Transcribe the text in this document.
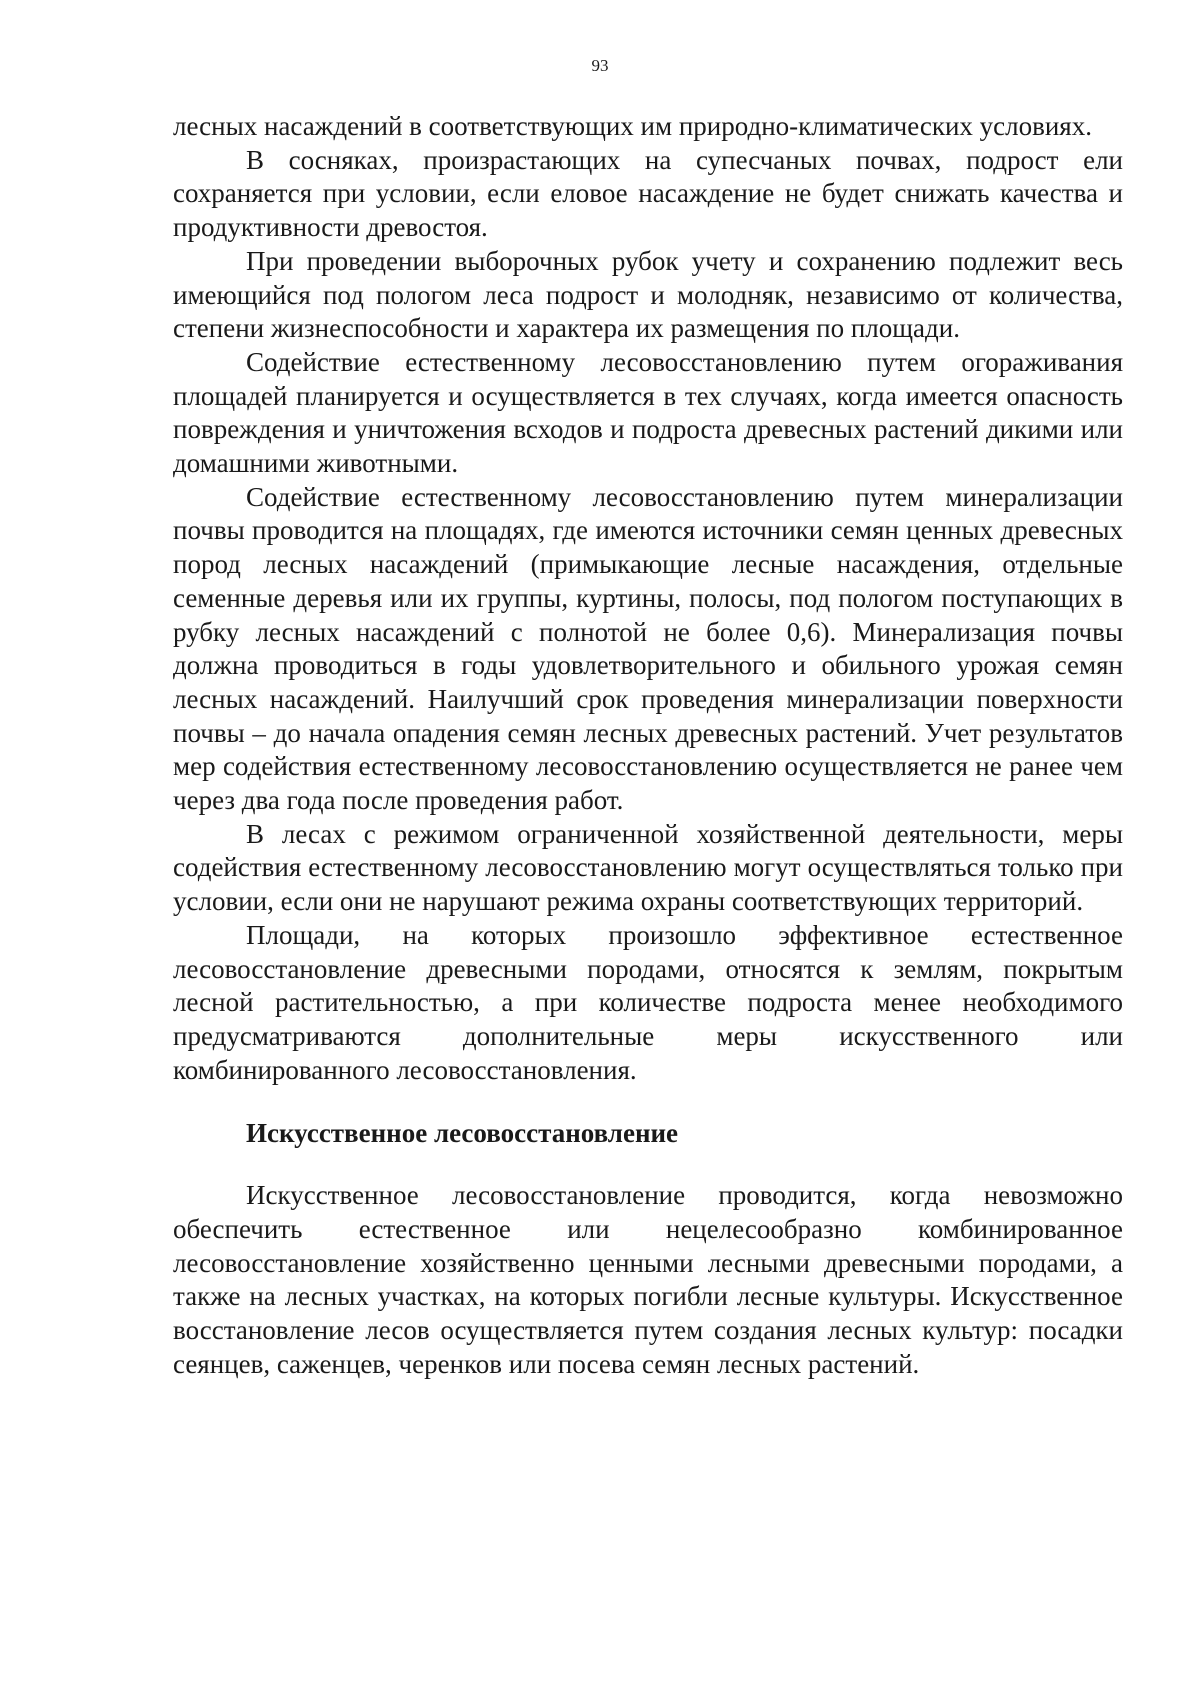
93

лесных насаждений в соответствующих им природно-климатических условиях.

В сосняках, произрастающих на супесчаных почвах, подрост ели сохраняется при условии, если еловое насаждение не будет снижать качества и продуктивности древостоя.

При проведении выборочных рубок учету и сохранению подлежит весь имеющийся под пологом леса подрост и молодняк, независимо от количества, степени жизнеспособности и характера их размещения по площади.

Содействие естественному лесовосстановлению путем огораживания площадей планируется и осуществляется в тех случаях, когда имеется опасность повреждения и уничтожения всходов и подроста древесных растений дикими или домашними животными.

Содействие естественному лесовосстановлению путем минерализации почвы проводится на площадях, где имеются источники семян ценных древесных пород лесных насаждений (примыкающие лесные насаждения, отдельные семенные деревья или их группы, куртины, полосы, под пологом поступающих в рубку лесных насаждений с полнотой не более 0,6). Минерализация почвы должна проводиться в годы удовлетворительного и обильного урожая семян лесных насаждений. Наилучший срок проведения минерализации поверхности почвы – до начала опадения семян лесных древесных растений. Учет результатов мер содействия естественному лесовосстановлению осуществляется не ранее чем через два года после проведения работ.

В лесах с режимом ограниченной хозяйственной деятельности, меры содействия естественному лесовосстановлению могут осуществляться только при условии, если они не нарушают режима охраны соответствующих территорий.

Площади, на которых произошло эффективное естественное лесовосстановление древесными породами, относятся к землям, покрытым лесной растительностью, а при количестве подроста менее необходимого предусматриваются дополнительные меры искусственного или комбинированного лесовосстановления.

Искусственное лесовосстановление

Искусственное лесовосстановление проводится, когда невозможно обеспечить естественное или нецелесообразно комбинированное лесовосстановление хозяйственно ценными лесными древесными породами, а также на лесных участках, на которых погибли лесные культуры. Искусственное восстановление лесов осуществляется путем создания лесных культур: посадки сеянцев, саженцев, черенков или посева семян лесных растений.
